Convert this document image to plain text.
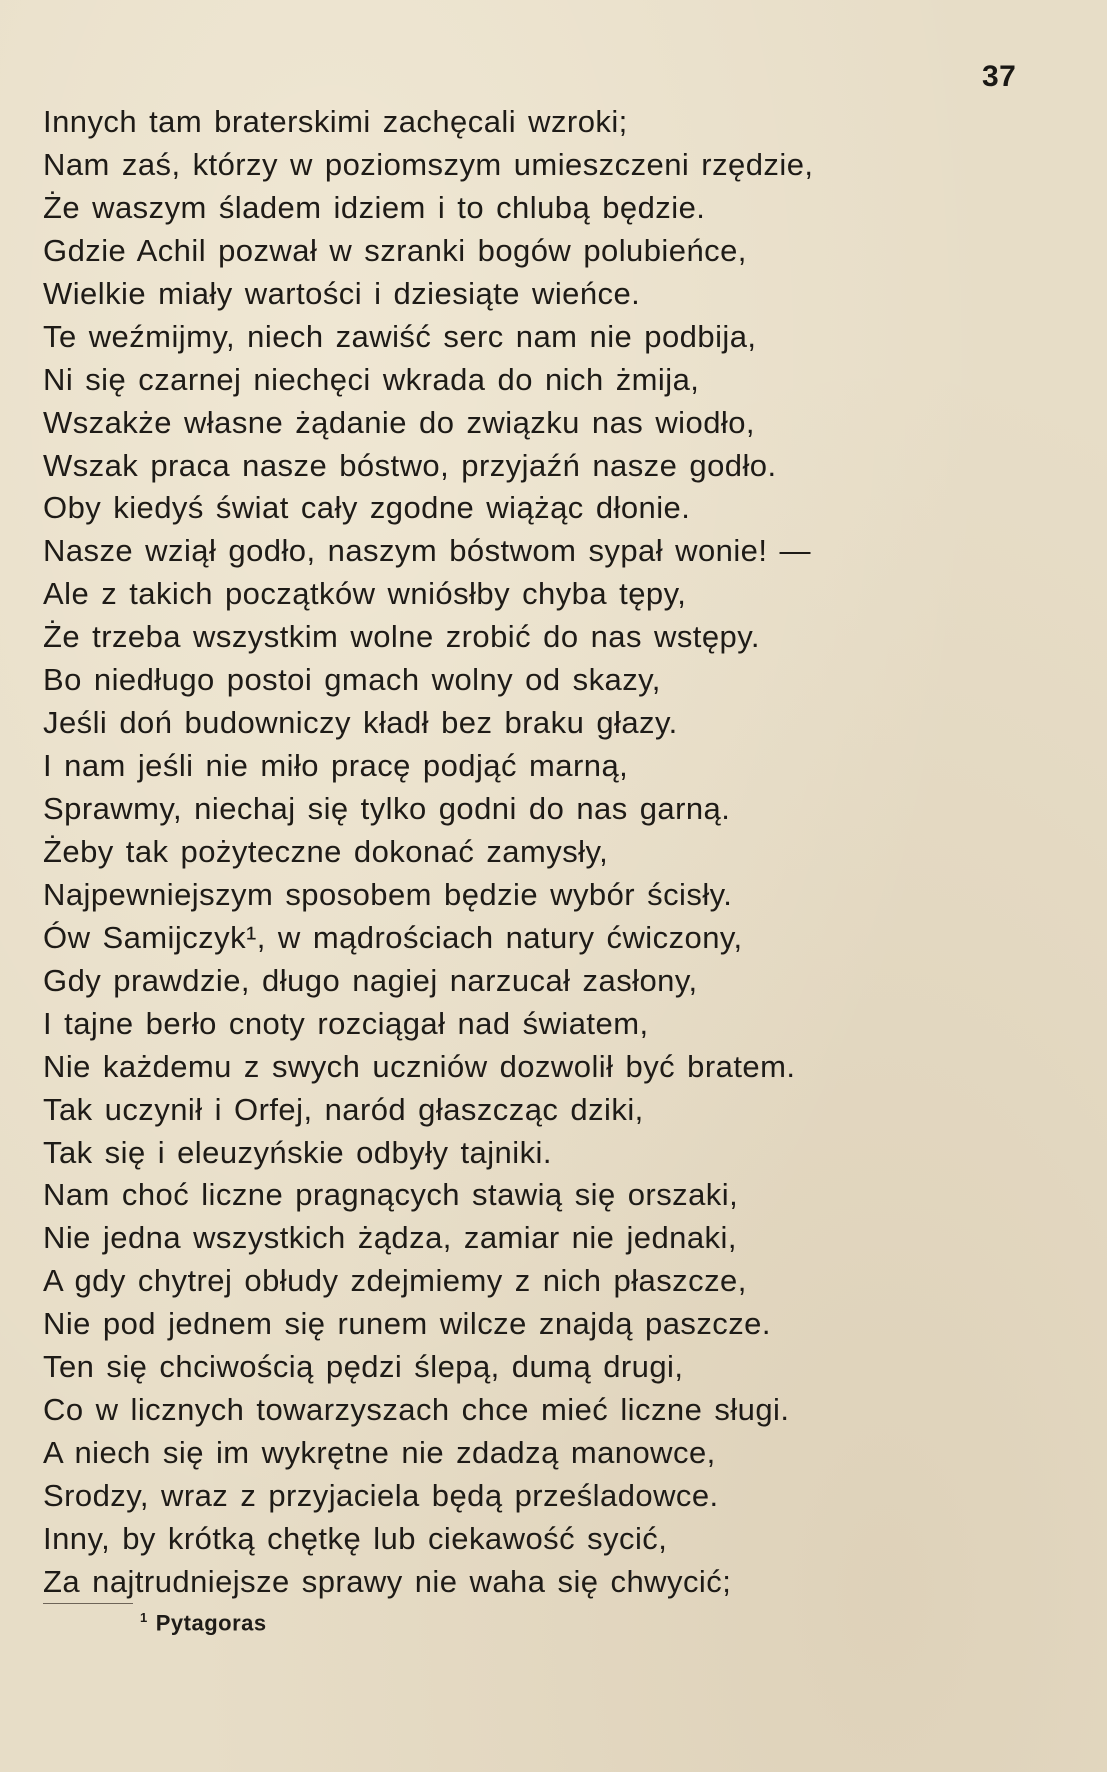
37
Innych tam braterskimi zachęcali wzroki;
Nam zaś, którzy w poziomszym umieszczeni rzędzie,
Że waszym śladem idziem i to chlubą będzie.
Gdzie Achil pozwał w szranki bogów polubieńce,
Wielkie miały wartości i dziesiąte wieńce.
Te weźmijmy, niech zawiść serc nam nie podbija,
Ni się czarnej niechęci wkrada do nich żmija,
Wszakże własne żądanie do związku nas wiodło,
Wszak praca nasze bóstwo, przyjaźń nasze godło.
Oby kiedyś świat cały zgodne wiążąc dłonie.
Nasze wziął godło, naszym bóstwom sypał wonie! —
Ale z takich początków wniósłby chyba tępy,
Że trzeba wszystkim wolne zrobić do nas wstępy.
Bo niedługo postoi gmach wolny od skazy,
Jeśli doń budowniczy kładł bez braku głazy.
I nam jeśli nie miło pracę podjąć marną,
Sprawmy, niechaj się tylko godni do nas garną.
Żeby tak pożyteczne dokonać zamysły,
Najpewniejszym sposobem będzie wybór ścisły.
Ów Samijczyk¹, w mądrościach natury ćwiczony,
Gdy prawdzie, długo nagiej narzucał zasłony,
I tajne berło cnoty rozciągał nad światem,
Nie każdemu z swych uczniów dozwolił być bratem.
Tak uczynił i Orfej, naród głaszcząc dziki,
Tak się i eleuzyńskie odbyły tajniki.
Nam choć liczne pragnących stawią się orszaki,
Nie jedna wszystkich żądza, zamiar nie jednaki,
A gdy chytrej obłudy zdejmiemy z nich płaszcze,
Nie pod jednem się runem wilcze znajdą paszcze.
Ten się chciwością pędzi ślepą, dumą drugi,
Co w licznych towarzyszach chce mieć liczne sługi.
A niech się im wykrętne nie zdadzą manowce,
Srodzy, wraz z przyjaciela będą prześladowce.
Inny, by krótką chętkę lub ciekawość sycić,
Za najtrudniejsze sprawy nie waha się chwycić;
$^1$ Pytagoras
